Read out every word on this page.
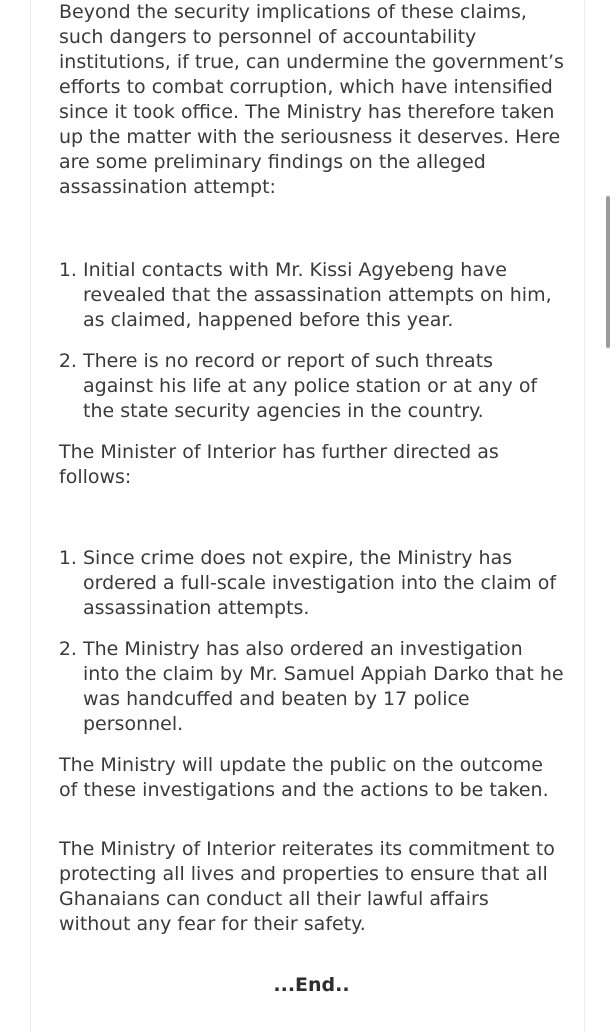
Beyond the security implications of these claims, such dangers to personnel of accountability institutions, if true, can undermine the government’s efforts to combat corruption, which have intensified since it took office. The Ministry has therefore taken up the matter with the seriousness it deserves. Here are some preliminary findings on the alleged assassination attempt:

1. Initial contacts with Mr. Kissi Agyebeng have revealed that the assassination attempts on him, as claimed, happened before this year.
2. There is no record or report of such threats against his life at any police station or at any of the state security agencies in the country.

The Minister of Interior has further directed as follows:

1. Since crime does not expire, the Ministry has ordered a full-scale investigation into the claim of assassination attempts.
2. The Ministry has also ordered an investigation into the claim by Mr. Samuel Appiah Darko that he was handcuffed and beaten by 17 police personnel.

The Ministry will update the public on the outcome of these investigations and the actions to be taken.

The Ministry of Interior reiterates its commitment to protecting all lives and properties to ensure that all Ghanaians can conduct all their lawful affairs without any fear for their safety.

...End..
